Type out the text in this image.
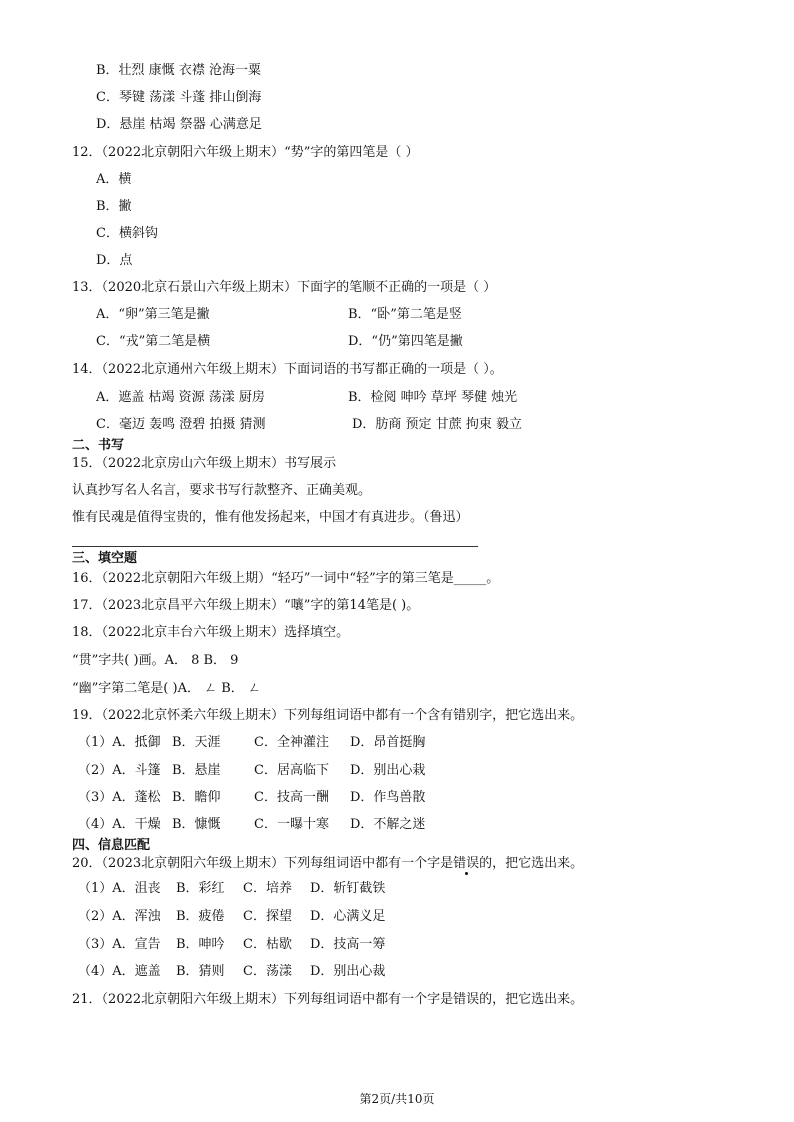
B．壮烈 康慨 衣襟 沧海一粟
C．琴键 荡漾 斗蓬 排山倒海
D．悬崖 枯竭 祭器 心满意足
12．（2022北京朝阳六年级上期末）“势”字的第四笔是（ ）
A．横
B．撇
C．横斜钩
D．点
13．（2020北京石景山六年级上期末）下面字的笔顺不正确的一项是（ ）
A．“卵”第三笔是撇	B．“卧”第二笔是竖
C．“戎”第二笔是横	D．“仍”第四笔是撇
14．（2022北京通州六年级上期末）下面词语的书写都正确的一项是（ ）。
A．遮盖 枯竭 资源 荡漾 厨房	B．检阅 呻吟 草坪 琴健 烛光
C．毫迈 轰鸣 澄碧 拍摄 猜测	D．肪商 预定 甘蔗 拘束 毅立
二、书写
15．（2022北京房山六年级上期末）书写展示
认真抄写名人名言，要求书写行款整齐、正确美观。
惟有民魂是值得宝贵的，惟有他发扬起来，中国才有真进步。（鲁迅）
三、填空题
16．（2022北京朝阳六年级上期）“轻巧”一词中“轻”字的第三笔是_____。
17．（2023北京昌平六年级上期末）“嚷”字的第14笔是( )。
18．（2022北京丰台六年级上期末）选择填空。
“贯”字共( )画。A． 8 B． 9
“幽”字第二笔是( )A． ㄥ B． ㄥ
19．（2022北京怀柔六年级上期末）下列每组词语中都有一个含有错别字，把它选出来。
（1）A．抵御 B．天涯	C．全神灌注 D．昂首挺胸
（2）A．斗篷 B．悬崖	C．居高临下 D．别出心栽
（3）A．蓬松 B．瞻仰	C．技高一酬 D．作鸟兽散
（4）A．干燥 B．慷慨	C．一曝十寒 D．不解之迷
四、信息匹配
20．（2023北京朝阳六年级上期末）下列每组词语中都有一个字是错误的，把它选出来。
（1）A．沮丧 B．彩红 C．培养 D．斩钉截铁
（2）A．浑浊 B．疲倦 C．探望 D．心满义足
（3）A．宣告 B．呻吟 C．枯歇 D．技高一筹
（4）A．遮盖 B．猜则 C．荡漾 D．别出心裁
21．（2022北京朝阳六年级上期末）下列每组词语中都有一个字是错误的，把它选出来。
第2页/共10页
